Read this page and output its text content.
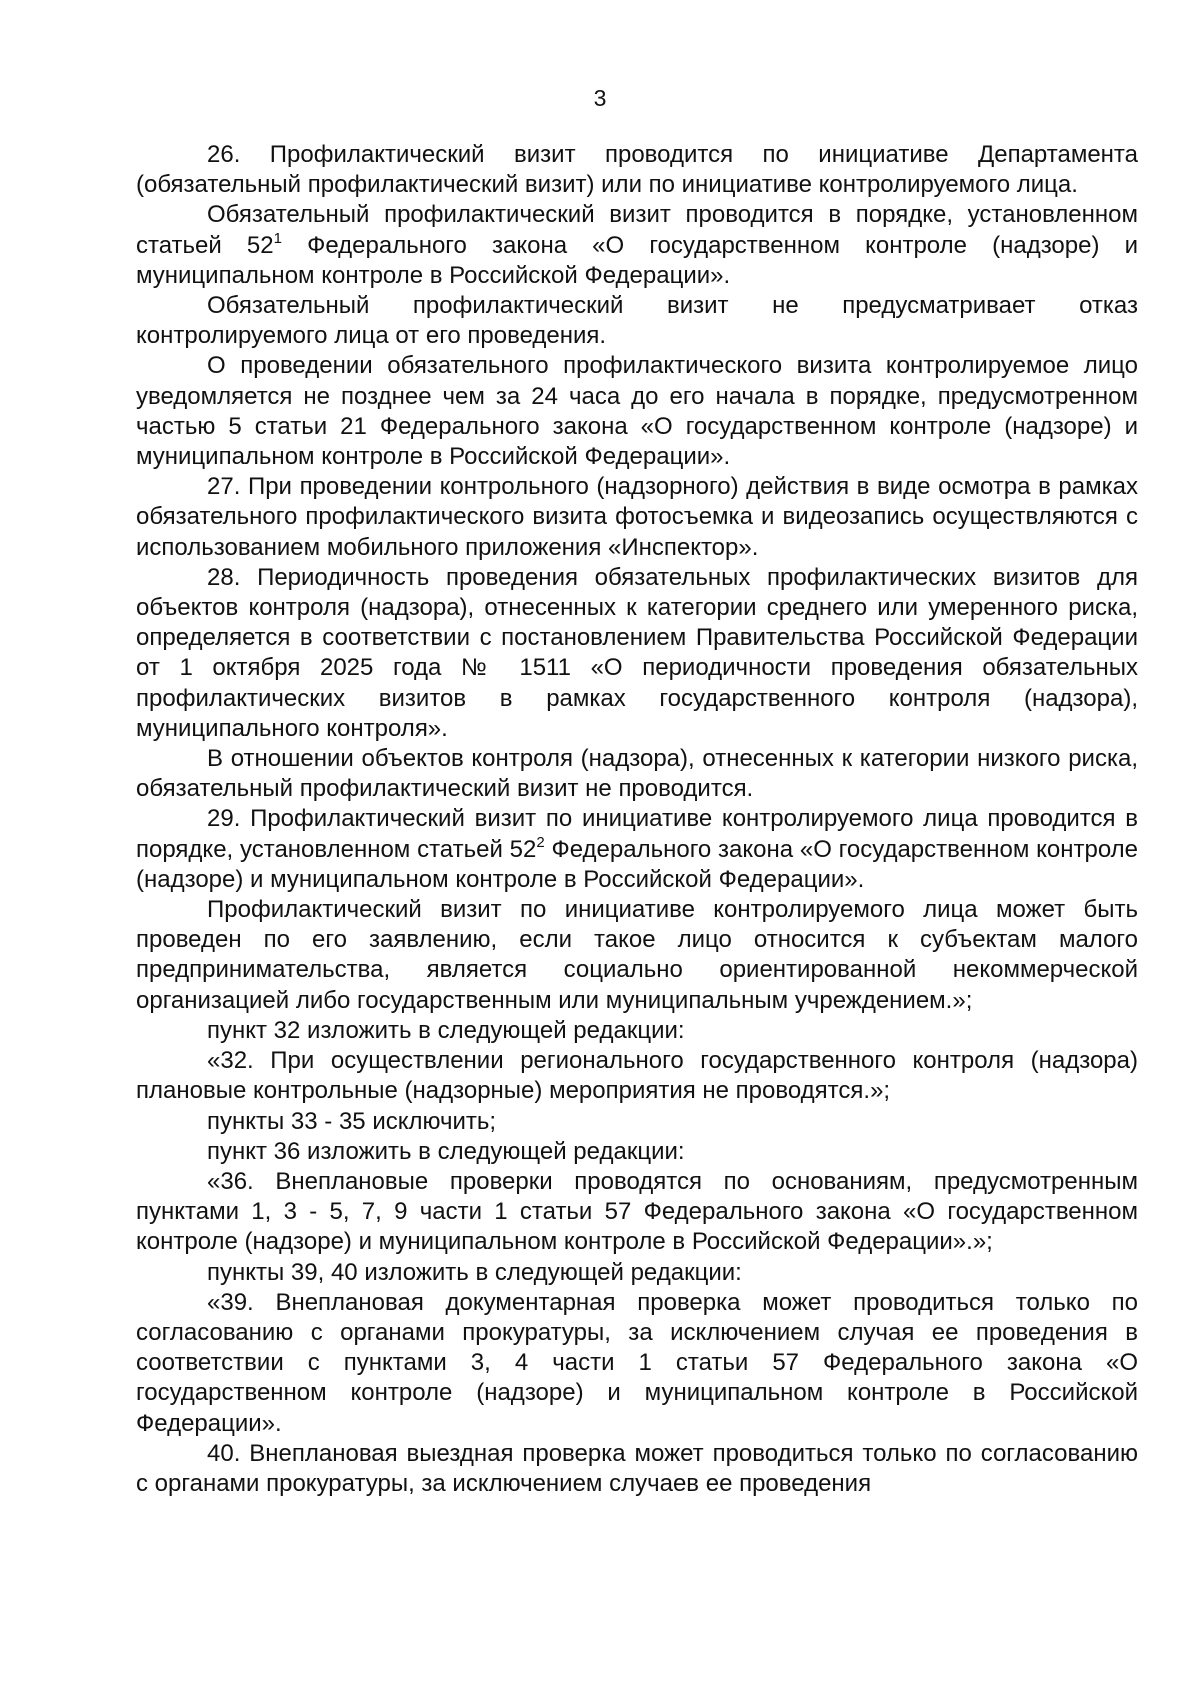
3

26. Профилактический визит проводится по инициативе Департамента (обязательный профилактический визит) или по инициативе контролируемого лица.

Обязательный профилактический визит проводится в порядке, установленном статьей $52^1$ Федерального закона «О государственном контроле (надзоре) и муниципальном контроле в Российской Федерации».

Обязательный профилактический визит не предусматривает отказ контролируемого лица от его проведения.

О проведении обязательного профилактического визита контролируемое лицо уведомляется не позднее чем за 24 часа до его начала в порядке, предусмотренном частью 5 статьи 21 Федерального закона «О государственном контроле (надзоре) и муниципальном контроле в Российской Федерации».

27. При проведении контрольного (надзорного) действия в виде осмотра в рамках обязательного профилактического визита фотосъемка и видеозапись осуществляются с использованием мобильного приложения «Инспектор».

28. Периодичность проведения обязательных профилактических визитов для объектов контроля (надзора), отнесенных к категории среднего или умеренного риска, определяется в соответствии с постановлением Правительства Российской Федерации от 1 октября 2025 года № 1511 «О периодичности проведения обязательных профилактических визитов в рамках государственного контроля (надзора), муниципального контроля».

В отношении объектов контроля (надзора), отнесенных к категории низкого риска, обязательный профилактический визит не проводится.

29. Профилактический визит по инициативе контролируемого лица проводится в порядке, установленном статьей $52^2$ Федерального закона «О государственном контроле (надзоре) и муниципальном контроле в Российской Федерации».

Профилактический визит по инициативе контролируемого лица может быть проведен по его заявлению, если такое лицо относится к субъектам малого предпринимательства, является социально ориентированной некоммерческой организацией либо государственным или муниципальным учреждением.»;

пункт 32 изложить в следующей редакции:

«32. При осуществлении регионального государственного контроля (надзора) плановые контрольные (надзорные) мероприятия не проводятся.»;

пункты 33 - 35 исключить;

пункт 36 изложить в следующей редакции:

«36. Внеплановые проверки проводятся по основаниям, предусмотренным пунктами 1, 3 - 5, 7, 9 части 1 статьи 57 Федерального закона «О государственном контроле (надзоре) и муниципальном контроле в Российской Федерации».»;

пункты 39, 40 изложить в следующей редакции:

«39. Внеплановая документарная проверка может проводиться только по согласованию с органами прокуратуры, за исключением случая ее проведения в соответствии с пунктами 3, 4 части 1 статьи 57 Федерального закона «О государственном контроле (надзоре) и муниципальном контроле в Российской Федерации».

40. Внеплановая выездная проверка может проводиться только по согласованию с органами прокуратуры, за исключением случаев ее проведения
